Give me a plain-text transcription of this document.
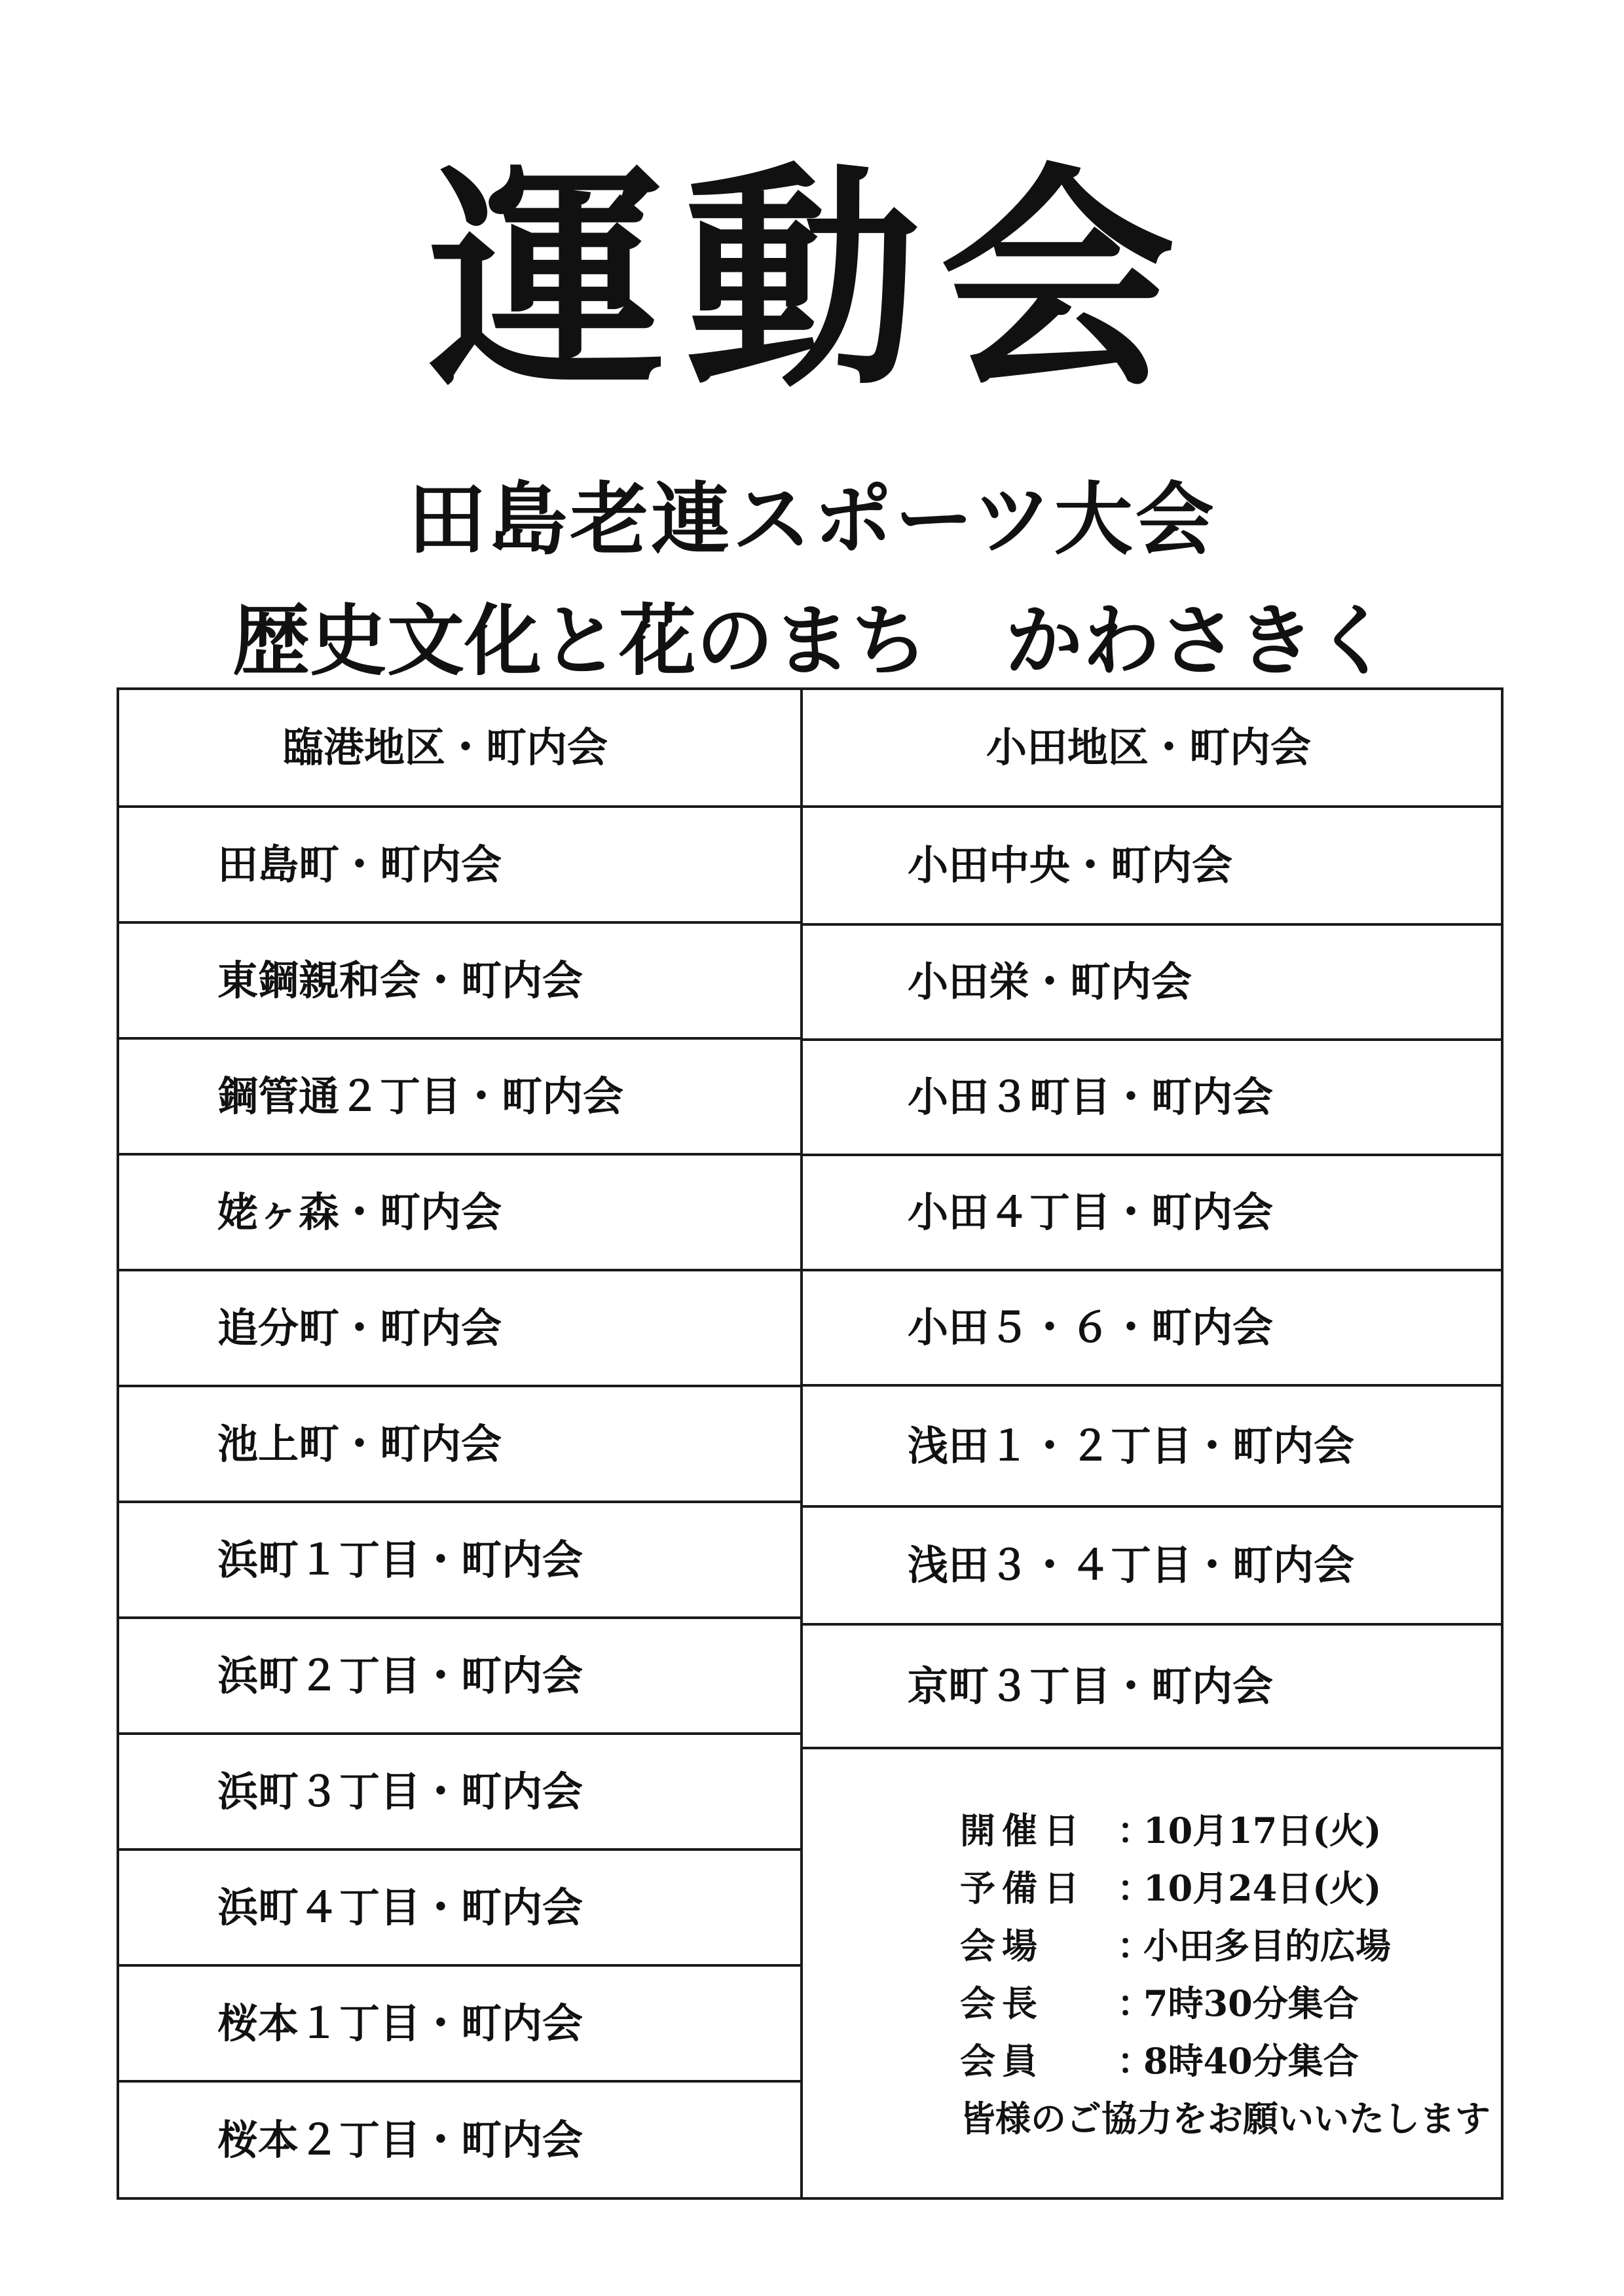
運動会
田島老連スポーツ大会
歴史文化と花のまち　かわさきく
臨港地区・町内会
田島町・町内会
東鋼親和会・町内会
鋼管通２丁目・町内会
姥ヶ森・町内会
追分町・町内会
池上町・町内会
浜町１丁目・町内会
浜町２丁目・町内会
浜町３丁目・町内会
浜町４丁目・町内会
桜本１丁目・町内会
桜本２丁目・町内会
小田地区・町内会
小田中央・町内会
小田栄・町内会
小田３町目・町内会
小田４丁目・町内会
小田５・６・町内会
浅田１・２丁目・町内会
浅田３・４丁目・町内会
京町３丁目・町内会
開催日 ：
10月17日(火)
予備日 ：
10月24日(火)
会場	：
小田多目的広場
会長	：
7時30分集合
会員	：
8時40分集合
皆様のご協力をお願いいたします
